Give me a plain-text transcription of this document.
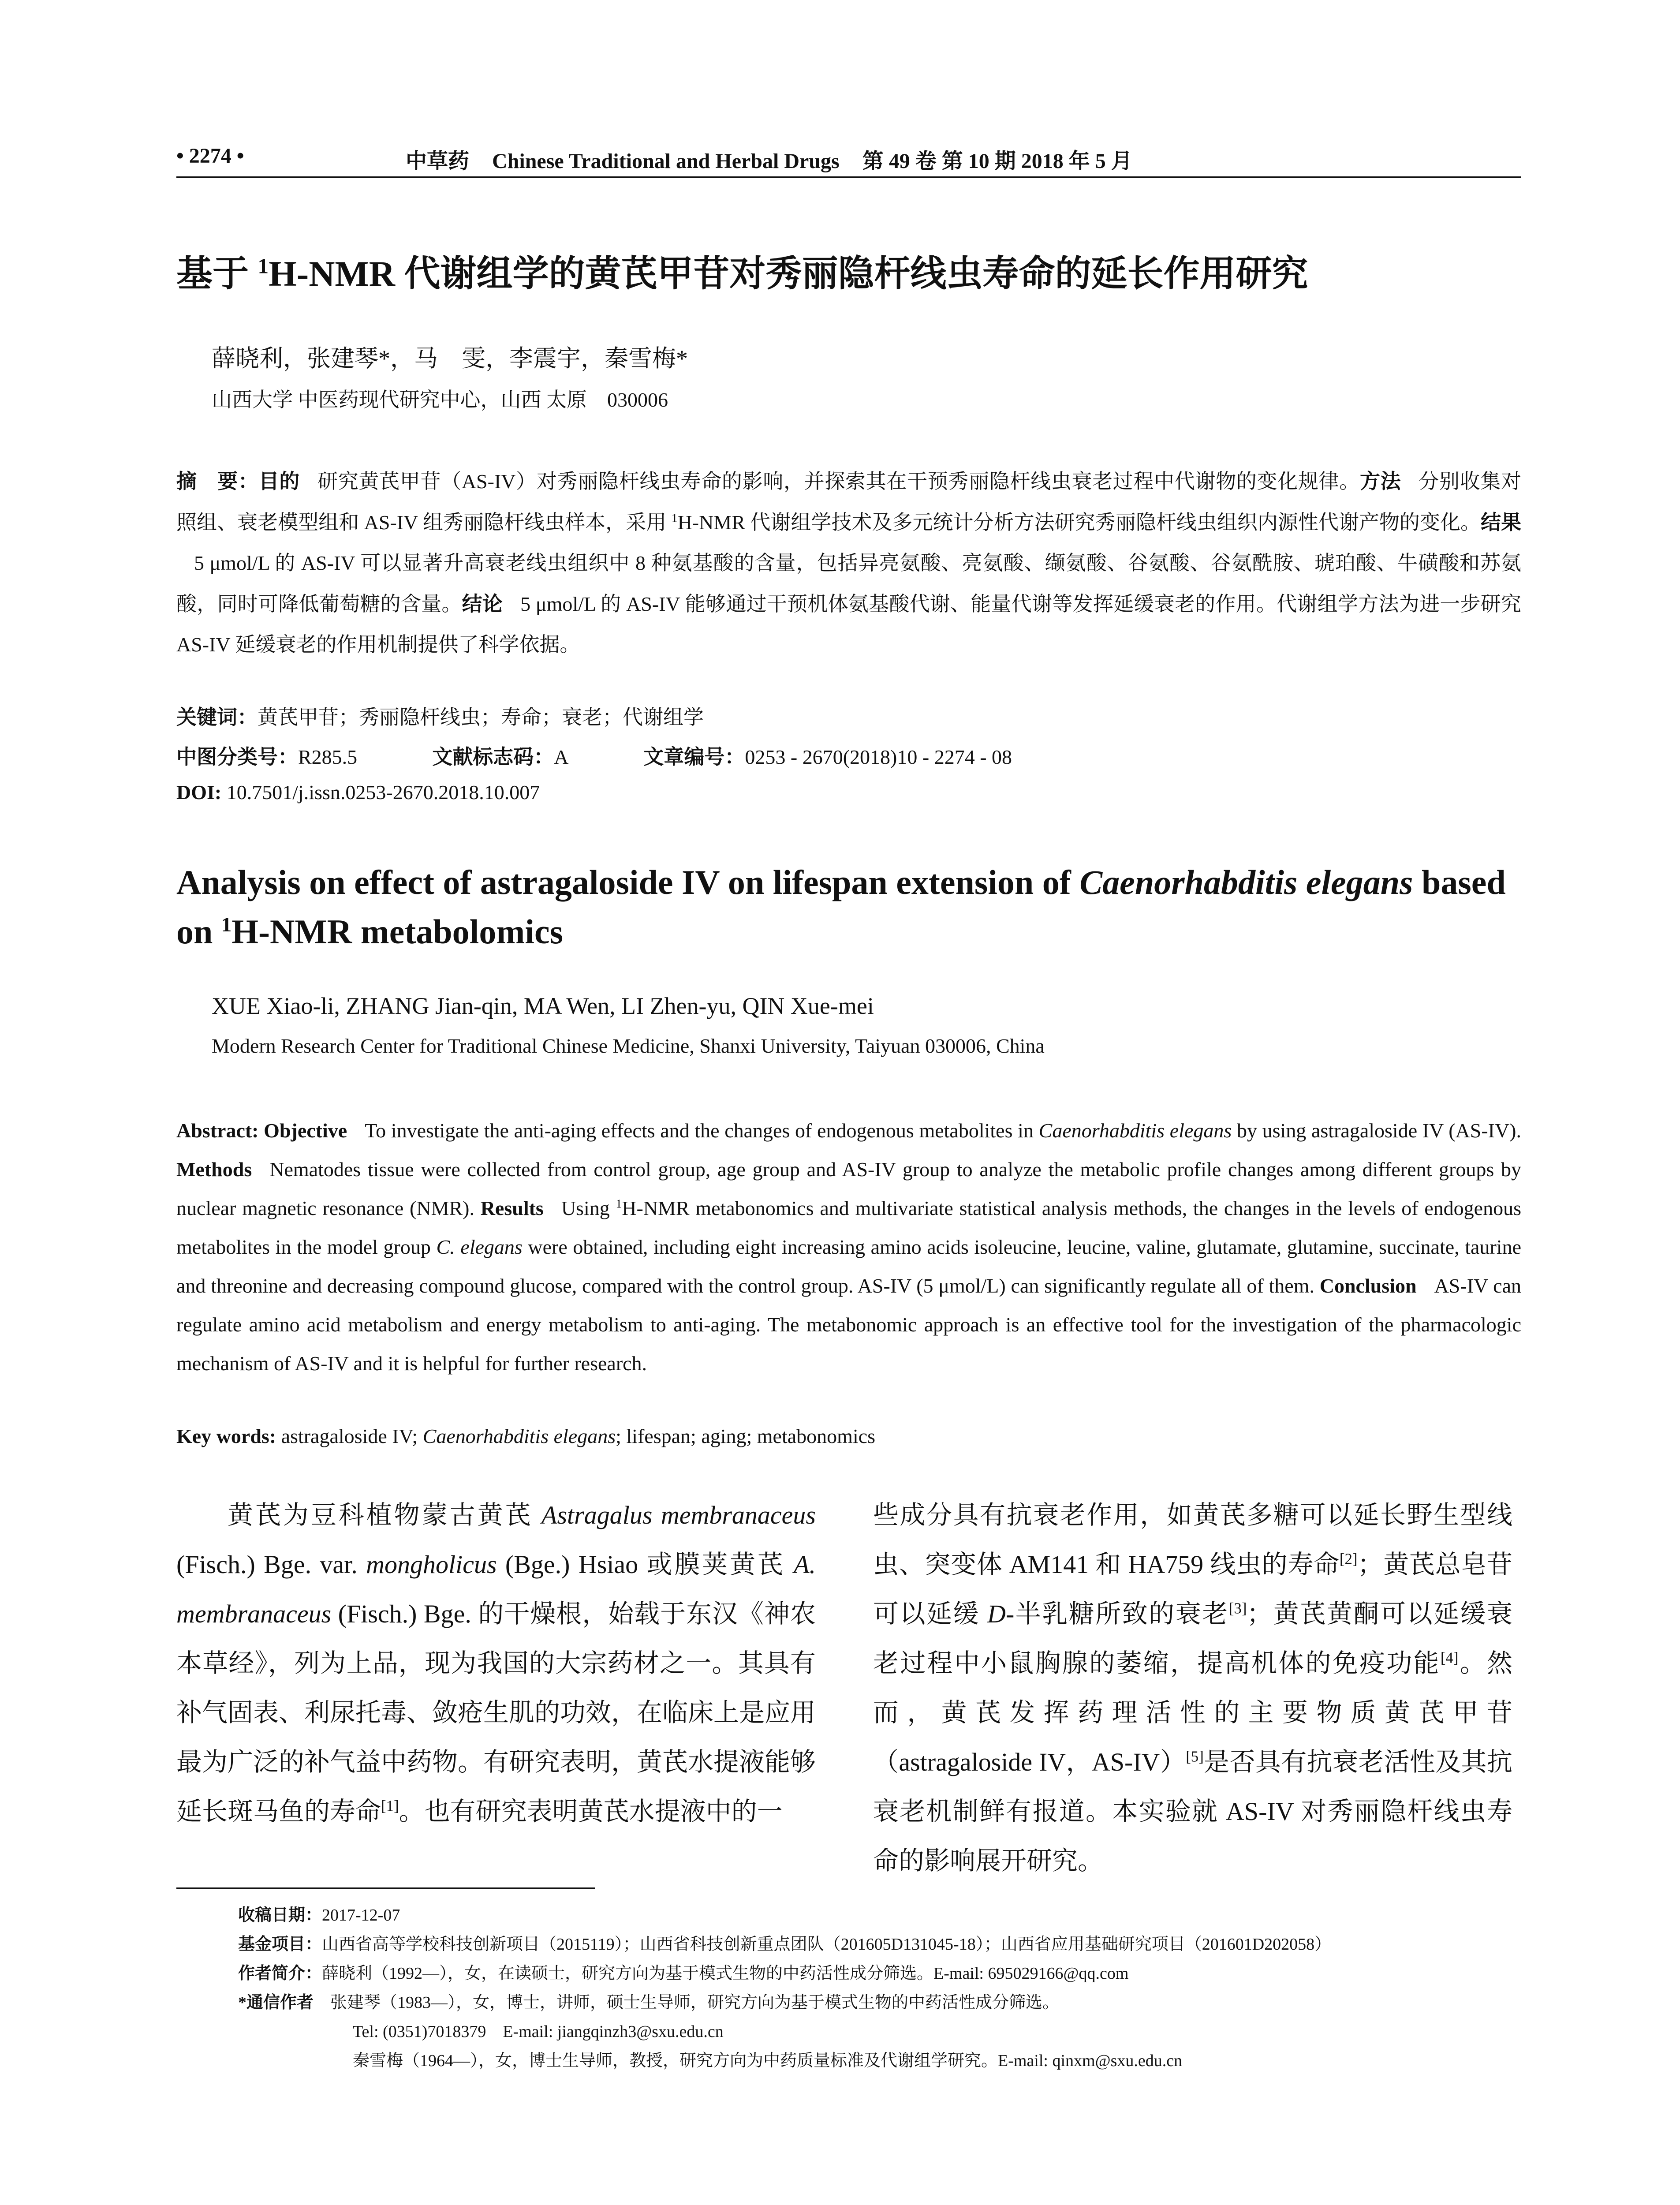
• 2274 •	中草药 Chinese Traditional and Herbal Drugs 第 49 卷 第 10 期 2018 年 5 月
基于 $^1$H-NMR 代谢组学的黄芪甲苷对秀丽隐杆线虫寿命的延长作用研究
薛晓利，张建琴*，马　雯，李震宇，秦雪梅*
山西大学 中医药现代研究中心，山西 太原　030006
摘　要：目的 研究黄芪甲苷（AS-IV）对秀丽隐杆线虫寿命的影响，并探索其在干预秀丽隐杆线虫衰老过程中代谢物的变化规律。方法 分别收集对照组、衰老模型组和 AS-IV 组秀丽隐杆线虫样本，采用 $^1$H-NMR 代谢组学技术及多元统计分析方法研究秀丽隐杆线虫组织内源性代谢产物的变化。结果5 μmol/L 的 AS-IV 可以显著升高衰老线虫组织中 8 种氨基酸的含量，包括异亮氨酸、亮氨酸、缬氨酸、谷氨酸、谷氨酰胺、琥珀酸、牛磺酸和苏氨酸，同时可降低葡萄糖的含量。结论 5 μmol/L 的 AS-IV 能够通过干预机体氨基酸代谢、能量代谢等发挥延缓衰老的作用。代谢组学方法为进一步研究 AS-IV 延缓衰老的作用机制提供了科学依据。
关键词：黄芪甲苷；秀丽隐杆线虫；寿命；衰老；代谢组学
中图分类号：R285.5	文献标志码：A	文章编号：0253 - 2670(2018)10 - 2274 - 08
DOI: 10.7501/j.issn.0253-2670.2018.10.007
Analysis on effect of astragaloside IV on lifespan extension of Caenorhabditis elegans based on $^1$H-NMR metabolomics
XUE Xiao-li, ZHANG Jian-qin, MA Wen, LI Zhen-yu, QIN Xue-mei
Modern Research Center for Traditional Chinese Medicine, Shanxi University, Taiyuan 030006, China
Abstract: Objective To investigate the anti-aging effects and the changes of endogenous metabolites in Caenorhabditis elegans by using astragaloside IV (AS-IV). Methods Nematodes tissue were collected from control group, age group and AS-IV group to analyze the metabolic profile changes among different groups by nuclear magnetic resonance (NMR). Results Using $^1$H-NMR metabonomics and multivariate statistical analysis methods, the changes in the levels of endogenous metabolites in the model group C. elegans were obtained, including eight increasing amino acids isoleucine, leucine, valine, glutamate, glutamine, succinate, taurine and threonine and decreasing compound glucose, compared with the control group. AS-IV (5 μmol/L) can significantly regulate all of them. Conclusion AS-IV can regulate amino acid metabolism and energy metabolism to anti-aging. The metabonomic approach is an effective tool for the investigation of the pharmacologic mechanism of AS-IV and it is helpful for further research.
Key words: astragaloside IV; Caenorhabditis elegans; lifespan; aging; metabonomics
黄芪为豆科植物蒙古黄芪 Astragalus membranaceus (Fisch.) Bge. var. mongholicus (Bge.) Hsiao 或膜荚黄芪 A. membranaceus (Fisch.) Bge. 的干燥根，始载于东汉《神农本草经》，列为上品，现为我国的大宗药材之一。其具有补气固表、利尿托毒、敛疮生肌的功效，在临床上是应用最为广泛的补气益中药物。有研究表明，黄芪水提液能够延长斑马鱼的寿命[1]。也有研究表明黄芪水提液中的一
些成分具有抗衰老作用，如黄芪多糖可以延长野生型线虫、突变体 AM141 和 HA759 线虫的寿命[2]；黄芪总皂苷可以延缓 D-半乳糖所致的衰老[3]；黄芪黄酮可以延缓衰老过程中小鼠胸腺的萎缩，提高机体的免疫功能[4]。然而，黄芪发挥药理活性的主要物质黄芪甲苷（astragaloside IV，AS-IV）[5]是否具有抗衰老活性及其抗衰老机制鲜有报道。本实验就 AS-IV 对秀丽隐杆线虫寿命的影响展开研究。
收稿日期：2017-12-07
基金项目：山西省高等学校科技创新项目（2015119）；山西省科技创新重点团队（201605D131045-18）；山西省应用基础研究项目（201601D202058）
作者简介：薛晓利（1992—），女，在读硕士，研究方向为基于模式生物的中药活性成分筛选。E-mail: 695029166@qq.com
*通信作者　 张建琴（1983—），女，博士，讲师，硕士生导师，研究方向为基于模式生物的中药活性成分筛选。
Tel: (0351)7018379　E-mail: jiangqinzh3@sxu.edu.cn
秦雪梅（1964—），女，博士生导师，教授，研究方向为中药质量标准及代谢组学研究。E-mail: qinxm@sxu.edu.cn
